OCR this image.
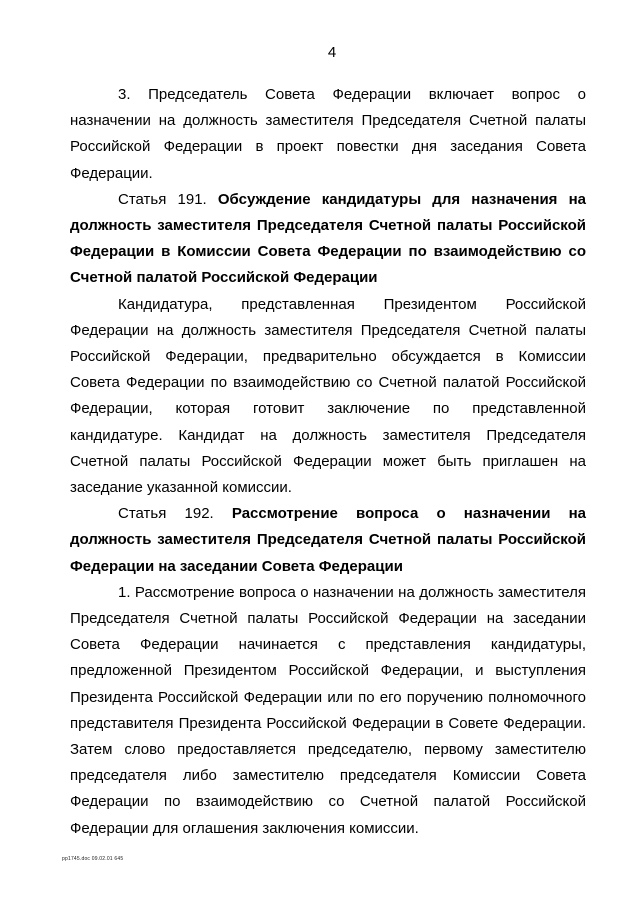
4

3. Председатель Совета Федерации включает вопрос о назначении на должность заместителя Председателя Счетной палаты Российской Федерации в проект повестки дня заседания Совета Федерации.

Статья 191. Обсуждение кандидатуры для назначения на должность заместителя Председателя Счетной палаты Российской Федерации в Комиссии Совета Федерации по взаимодействию со Счетной палатой Российской Федерации

Кандидатура, представленная Президентом Российской Федерации на должность заместителя Председателя Счетной палаты Российской Федерации, предварительно обсуждается в Комиссии Совета Федерации по взаимодействию со Счетной палатой Российской Федерации, которая готовит заключение по представленной кандидатуре. Кандидат на должность заместителя Председателя Счетной палаты Российской Федерации может быть приглашен на заседание указанной комиссии.

Статья 192. Рассмотрение вопроса о назначении на должность заместителя Председателя Счетной палаты Российской Федерации на заседании Совета Федерации

1. Рассмотрение вопроса о назначении на должность заместителя Председателя Счетной палаты Российской Федерации на заседании Совета Федерации начинается с представления кандидатуры, предложенной Президентом Российской Федерации, и выступления Президента Российской Федерации или по его поручению полномочного представителя Президента Российской Федерации в Совете Федерации. Затем слово предоставляется председателю, первому заместителю председателя либо заместителю председателя Комиссии Совета Федерации по взаимодействию со Счетной палатой Российской Федерации для оглашения заключения комиссии.

pp1745.doc 09.02.01 645
